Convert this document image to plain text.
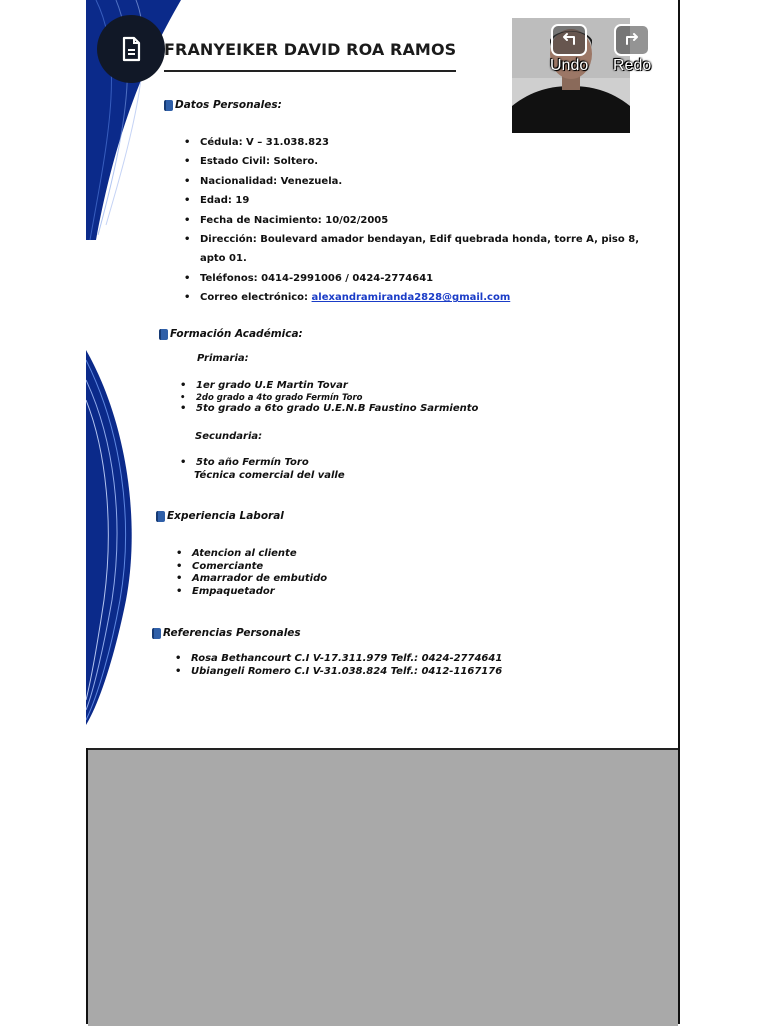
FRANYEIKER DAVID ROA RAMOS
Undo Redo
Datos Personales:
• Cédula: V – 31.038.823
• Estado Civil: Soltero.
• Nacionalidad: Venezuela.
• Edad: 19
• Fecha de Nacimiento: 10/02/2005
• Dirección: Boulevard amador bendayan, Edif quebrada honda, torre A, piso 8, apto 01.
• Teléfonos: 0414-2991006 / 0424-2774641
• Correo electrónico: alexandramiranda2828@gmail.com
Formación Académica:
Primaria:
• 1er grado U.E Martin Tovar
• 2do grado a 4to grado Fermín Toro
• 5to grado a 6to grado U.E.N.B Faustino Sarmiento
Secundaria:
• 5to año Fermín Toro
Técnica comercial del valle
Experiencia Laboral
• Atencion al cliente
• Comerciante
• Amarrador de embutido
• Empaquetador
Referencias Personales
• Rosa Bethancourt C.I V-17.311.979 Telf.: 0424-2774641
• Ubiangeli Romero C.I V-31.038.824 Telf.: 0412-1167176
